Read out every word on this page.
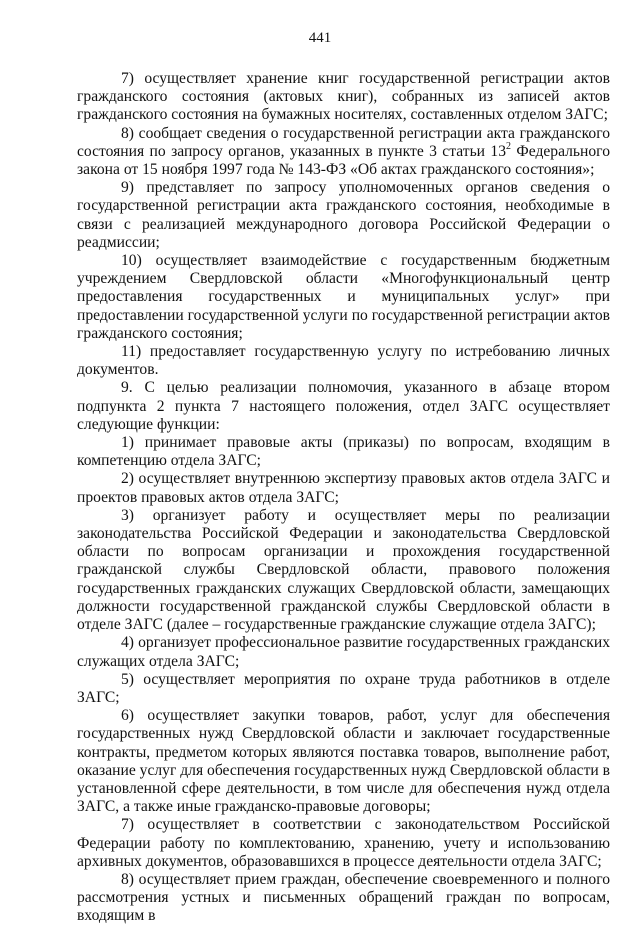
441

7) осуществляет хранение книг государственной регистрации актов гражданского состояния (актовых книг), собранных из записей актов гражданского состояния на бумажных носителях, составленных отделом ЗАГС;

8) сообщает сведения о государственной регистрации акта гражданского состояния по запросу органов, указанных в пункте 3 статьи $13^2$ Федерального закона от 15 ноября 1997 года № 143-ФЗ «Об актах гражданского состояния»;

9) представляет по запросу уполномоченных органов сведения о государственной регистрации акта гражданского состояния, необходимые в связи с реализацией международного договора Российской Федерации о реадмиссии;

10) осуществляет взаимодействие с государственным бюджетным учреждением Свердловской области «Многофункциональный центр предоставления государственных и муниципальных услуг» при предоставлении государственной услуги по государственной регистрации актов гражданского состояния;

11) предоставляет государственную услугу по истребованию личных документов.

9. С целью реализации полномочия, указанного в абзаце втором подпункта 2 пункта 7 настоящего положения, отдел ЗАГС осуществляет следующие функции:

1) принимает правовые акты (приказы) по вопросам, входящим в компетенцию отдела ЗАГС;

2) осуществляет внутреннюю экспертизу правовых актов отдела ЗАГС и проектов правовых актов отдела ЗАГС;

3) организует работу и осуществляет меры по реализации законодательства Российской Федерации и законодательства Свердловской области по вопросам организации и прохождения государственной гражданской службы Свердловской области, правового положения государственных гражданских служащих Свердловской области, замещающих должности государственной гражданской службы Свердловской области в отделе ЗАГС (далее – государственные гражданские служащие отдела ЗАГС);

4) организует профессиональное развитие государственных гражданских служащих отдела ЗАГС;

5) осуществляет мероприятия по охране труда работников в отделе ЗАГС;

6) осуществляет закупки товаров, работ, услуг для обеспечения государственных нужд Свердловской области и заключает государственные контракты, предметом которых являются поставка товаров, выполнение работ, оказание услуг для обеспечения государственных нужд Свердловской области в установленной сфере деятельности, в том числе для обеспечения нужд отдела ЗАГС, а также иные гражданско-правовые договоры;

7) осуществляет в соответствии с законодательством Российской Федерации работу по комплектованию, хранению, учету и использованию архивных документов, образовавшихся в процессе деятельности отдела ЗАГС;

8) осуществляет прием граждан, обеспечение своевременного и полного рассмотрения устных и письменных обращений граждан по вопросам, входящим в
